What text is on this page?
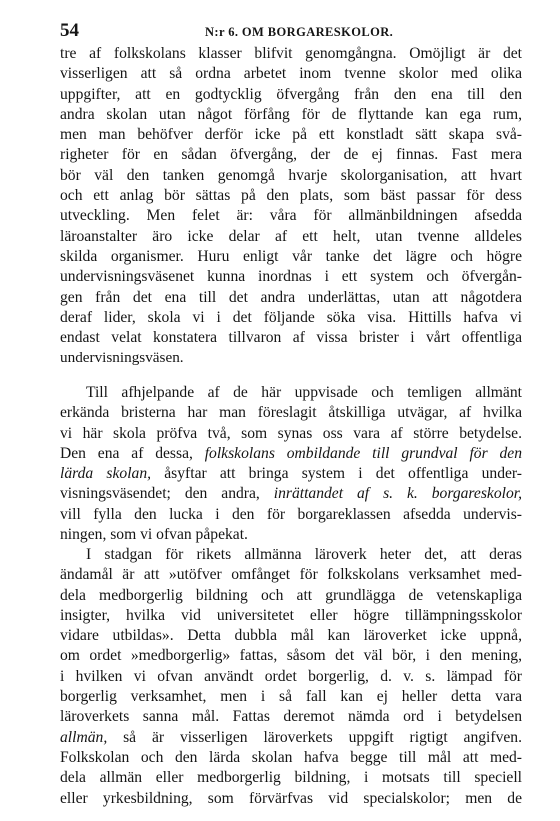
54	N:r 6. OM BORGARESKOLOR.
tre af folkskolans klasser blifvit genomgångna. Omöjligt är det
visserligen att så ordna arbetet inom tvenne skolor med olika
uppgifter, att en godtycklig öfvergång från den ena till den
andra skolan utan något förfång för de flyttande kan ega rum,
men man behöfver derför icke på ett konstladt sätt skapa svå-
righeter för en sådan öfvergång, der de ej finnas. Fast mera
bör väl den tanken genomgå hvarje skolorganisation, att hvart
och ett anlag bör sättas på den plats, som bäst passar för dess
utveckling. Men felet är: våra för allmänbildningen afsedda
läroanstalter äro icke delar af ett helt, utan tvenne alldeles
skilda organismer. Huru enligt vår tanke det lägre och högre
undervisningsväsenet kunna inordnas i ett system och öfvergån-
gen från det ena till det andra underlättas, utan att någotdera
deraf lider, skola vi i det följande söka visa. Hittills hafva vi
endast velat konstatera tillvaron af vissa brister i vårt offentliga
undervisningsväsen.
Till afhjelpande af de här uppvisade och temligen allmänt
erkända bristerna har man föreslagit åtskilliga utvägar, af hvilka
vi här skola pröfva två, som synas oss vara af större betydelse.
Den ena af dessa, folkskolans ombildande till grundval för den
lärda skolan, åsyftar att bringa system i det offentliga under-
visningsväsendet; den andra, inrättandet af s. k. borgareskolor,
vill fylla den lucka i den för borgareklassen afsedda undervis-
ningen, som vi ofvan påpekat.
I stadgan för rikets allmänna läroverk heter det, att deras
ändamål är att »utöfver omfånget för folkskolans verksamhet med-
dela medborgerlig bildning och att grundlägga de vetenskapliga
insigter, hvilka vid universitetet eller högre tillämpningsskolor
vidare utbildas». Detta dubbla mål kan läroverket icke uppnå,
om ordet »medborgerlig» fattas, såsom det väl bör, i den mening,
i hvilken vi ofvan användt ordet borgerlig, d. v. s. lämpad för
borgerlig verksamhet, men i så fall kan ej heller detta vara
läroverkets sanna mål. Fattas deremot nämda ord i betydelsen
allmän, så är visserligen läroverkets uppgift rigtigt angifven.
Folkskolan och den lärda skolan hafva begge till mål att med-
dela allmän eller medborgerlig bildning, i motsats till speciell
eller yrkesbildning, som förvärfvas vid specialskolor; men de
